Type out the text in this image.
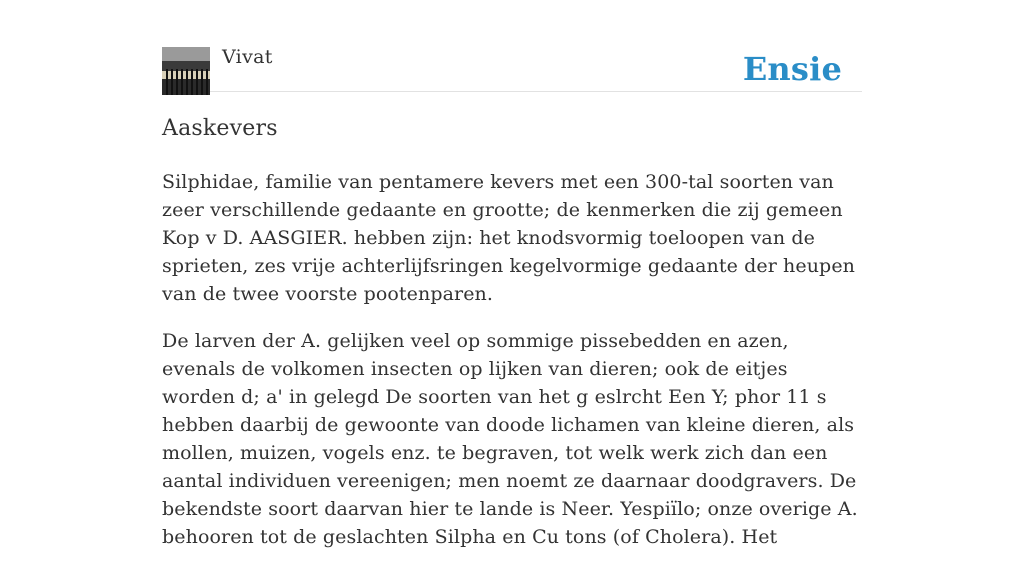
Vivat	Ensie
Aaskevers

Silphidae, familie van pentamere kevers met een 300-tal soorten van zeer verschillende gedaante en grootte; de kenmerken die zij gemeen Kop v D. AASGIER. hebben zijn: het knodsvormig toeloopen van de sprieten, zes vrije achterlijfsringen kegelvormige gedaante der heupen van de twee voorste pootenparen.

De larven der A. gelijken veel op sommige pissebedden en azen, evenals de volkomen insecten op lijken van dieren; ook de eitjes worden d; a' in gelegd De soorten van het g eslrcht Een Y; phor 11 s hebben daarbij de gewoonte van doode lichamen van kleine dieren, als mollen, muizen, vogels enz. te begraven, tot welk werk zich dan een aantal individuen vereenigen; men noemt ze daarnaar doodgravers. De bekendste soort daarvan hier te lande is Neer. Yespiïlo; onze overige A. behooren tot de geslachten Silpha en Cu tons (of Cholera). Het
